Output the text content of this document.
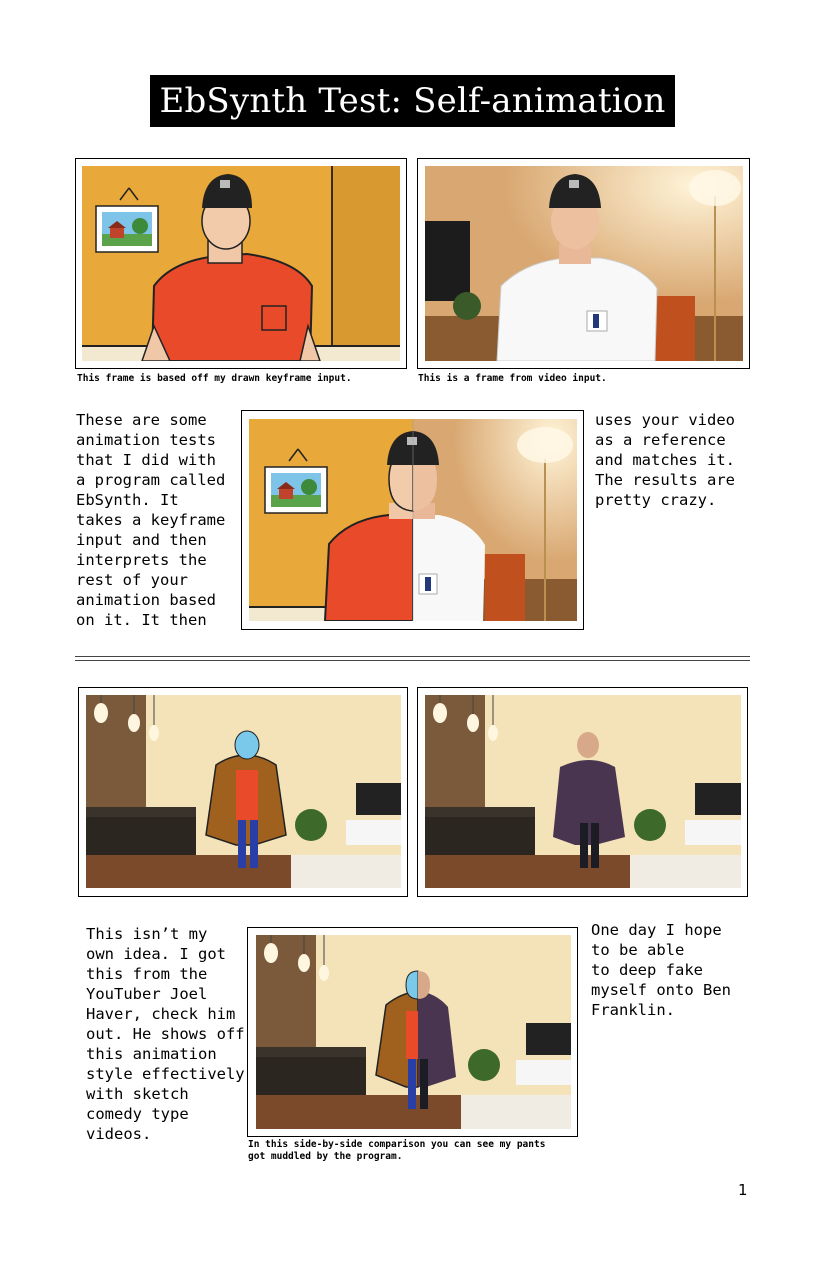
EbSynth Test: Self-animation
This frame is based off my drawn keyframe input.	This is a frame from video input.
These are some
animation tests
that I did with
a program called
EbSynth. It
takes a keyframe
input and then
interprets the
rest of your
animation based
on it. It then
uses your video
as a reference
and matches it.
The results are
pretty crazy.
This isn’t my
own idea. I got
this from the
YouTuber Joel
Haver, check him
out. He shows off
this animation
style effectively
with sketch
comedy type
videos.
In this side-by-side comparison you can see my pants
got muddled by the program.
One day I hope
to be able
to deep fake
myself onto Ben
Franklin.
1
